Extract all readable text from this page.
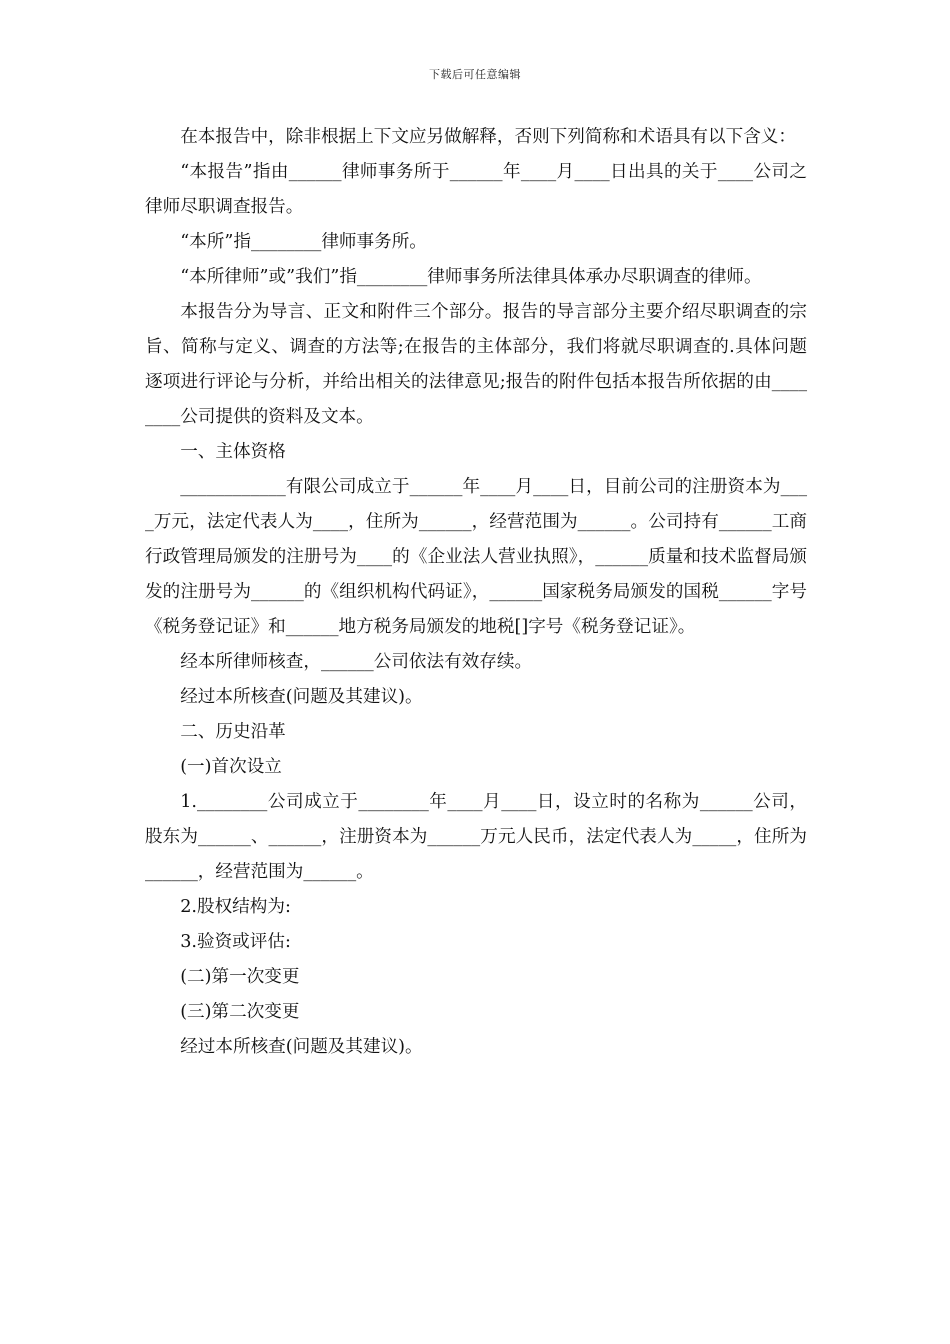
下载后可任意编辑

在本报告中，除非根据上下文应另做解释，否则下列简称和术语具有以下含义：

“本报告”指由______律师事务所于______年____月____日出具的关于____公司之律师尽职调查报告。

“本所”指________律师事务所。

“本所律师”或”我们”指________律师事务所法律具体承办尽职调查的律师。

本报告分为导言、正文和附件三个部分。报告的导言部分主要介绍尽职调查的宗旨、简称与定义、调查的方法等;在报告的主体部分，我们将就尽职调查的.具体问题逐项进行评论与分析，并给出相关的法律意见;报告的附件包括本报告所依据的由________公司提供的资料及文本。

一、主体资格

____________有限公司成立于______年____月____日，目前公司的注册资本为____万元，法定代表人为____，住所为______，经营范围为______。公司持有______工商行政管理局颁发的注册号为____的《企业法人营业执照》，______质量和技术监督局颁发的注册号为______的《组织机构代码证》，______国家税务局颁发的国税______字号《税务登记证》和______地方税务局颁发的地税[]字号《税务登记证》。

经本所律师核查，______公司依法有效存续。

经过本所核查(问题及其建议)。

二、历史沿革

(一)首次设立

1.________公司成立于________年____月____日，设立时的名称为______公司，股东为______、______，注册资本为______万元人民币，法定代表人为_____，住所为______，经营范围为______。

2.股权结构为:

3.验资或评估:

(二)第一次变更

(三)第二次变更

经过本所核查(问题及其建议)。
